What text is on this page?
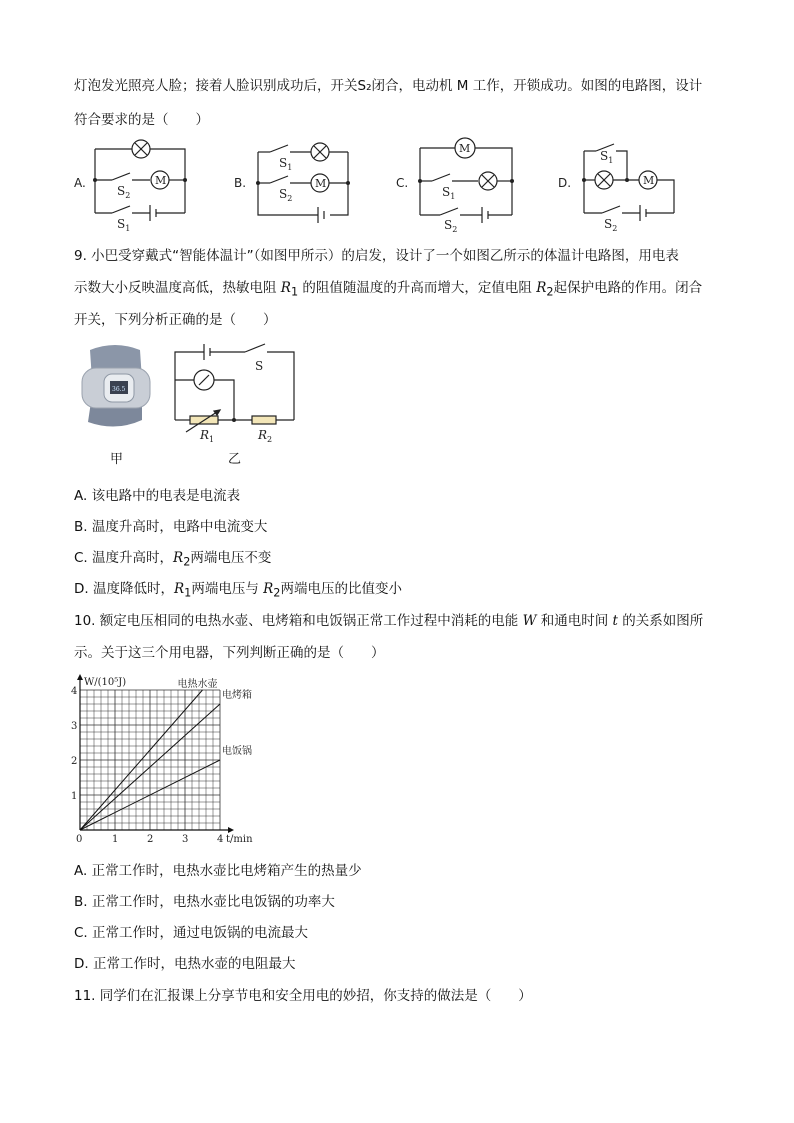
灯泡发光照亮人脸；接着人脸识别成功后，开关S₂闭合，电动机 M 工作，开锁成功。如图的电路图，设计
符合要求的是（　　）
A.	B.	C.	D.
M	M
M
M
$S_2$
$S_1$
$S_1$
$S_2$	$S_1$
$S_2$
$S_1$
$S_2$
9. 小巴受穿戴式“智能体温计”（如图甲所示）的启发，设计了一个如图乙所示的体温计电路图，用电表
示数大小反映温度高低，热敏电阻 $R_1$ 的阻值随温度的升高而增大，定值电阻 $R_2$起保护电路的作用。闭合
开关，下列分析正确的是（　　）
36.5
甲
S
$R_1$	$R_2$
乙
A. 该电路中的电表是电流表
B. 温度升高时，电路中电流变大
C. 温度升高时，$R_2$两端电压不变
D. 温度降低时，$R_1$两端电压与 $R_2$两端电压的比值变小
10. 额定电压相同的电热水壶、电烤箱和电饭锅正常工作过程中消耗的电能 W 和通电时间 t 的关系如图所
示。关于这三个用电器，下列判断正确的是（　　）
1	2	3	4
1
2
3
4
电热水壶
电烤箱
电饭锅
W/(10⁵J)
t/min
0
A. 正常工作时，电热水壶比电烤箱产生的热量少
B. 正常工作时，电热水壶比电饭锅的功率大
C. 正常工作时，通过电饭锅的电流最大
D. 正常工作时，电热水壶的电阻最大
11. 同学们在汇报课上分享节电和安全用电的妙招，你支持的做法是（　　）
